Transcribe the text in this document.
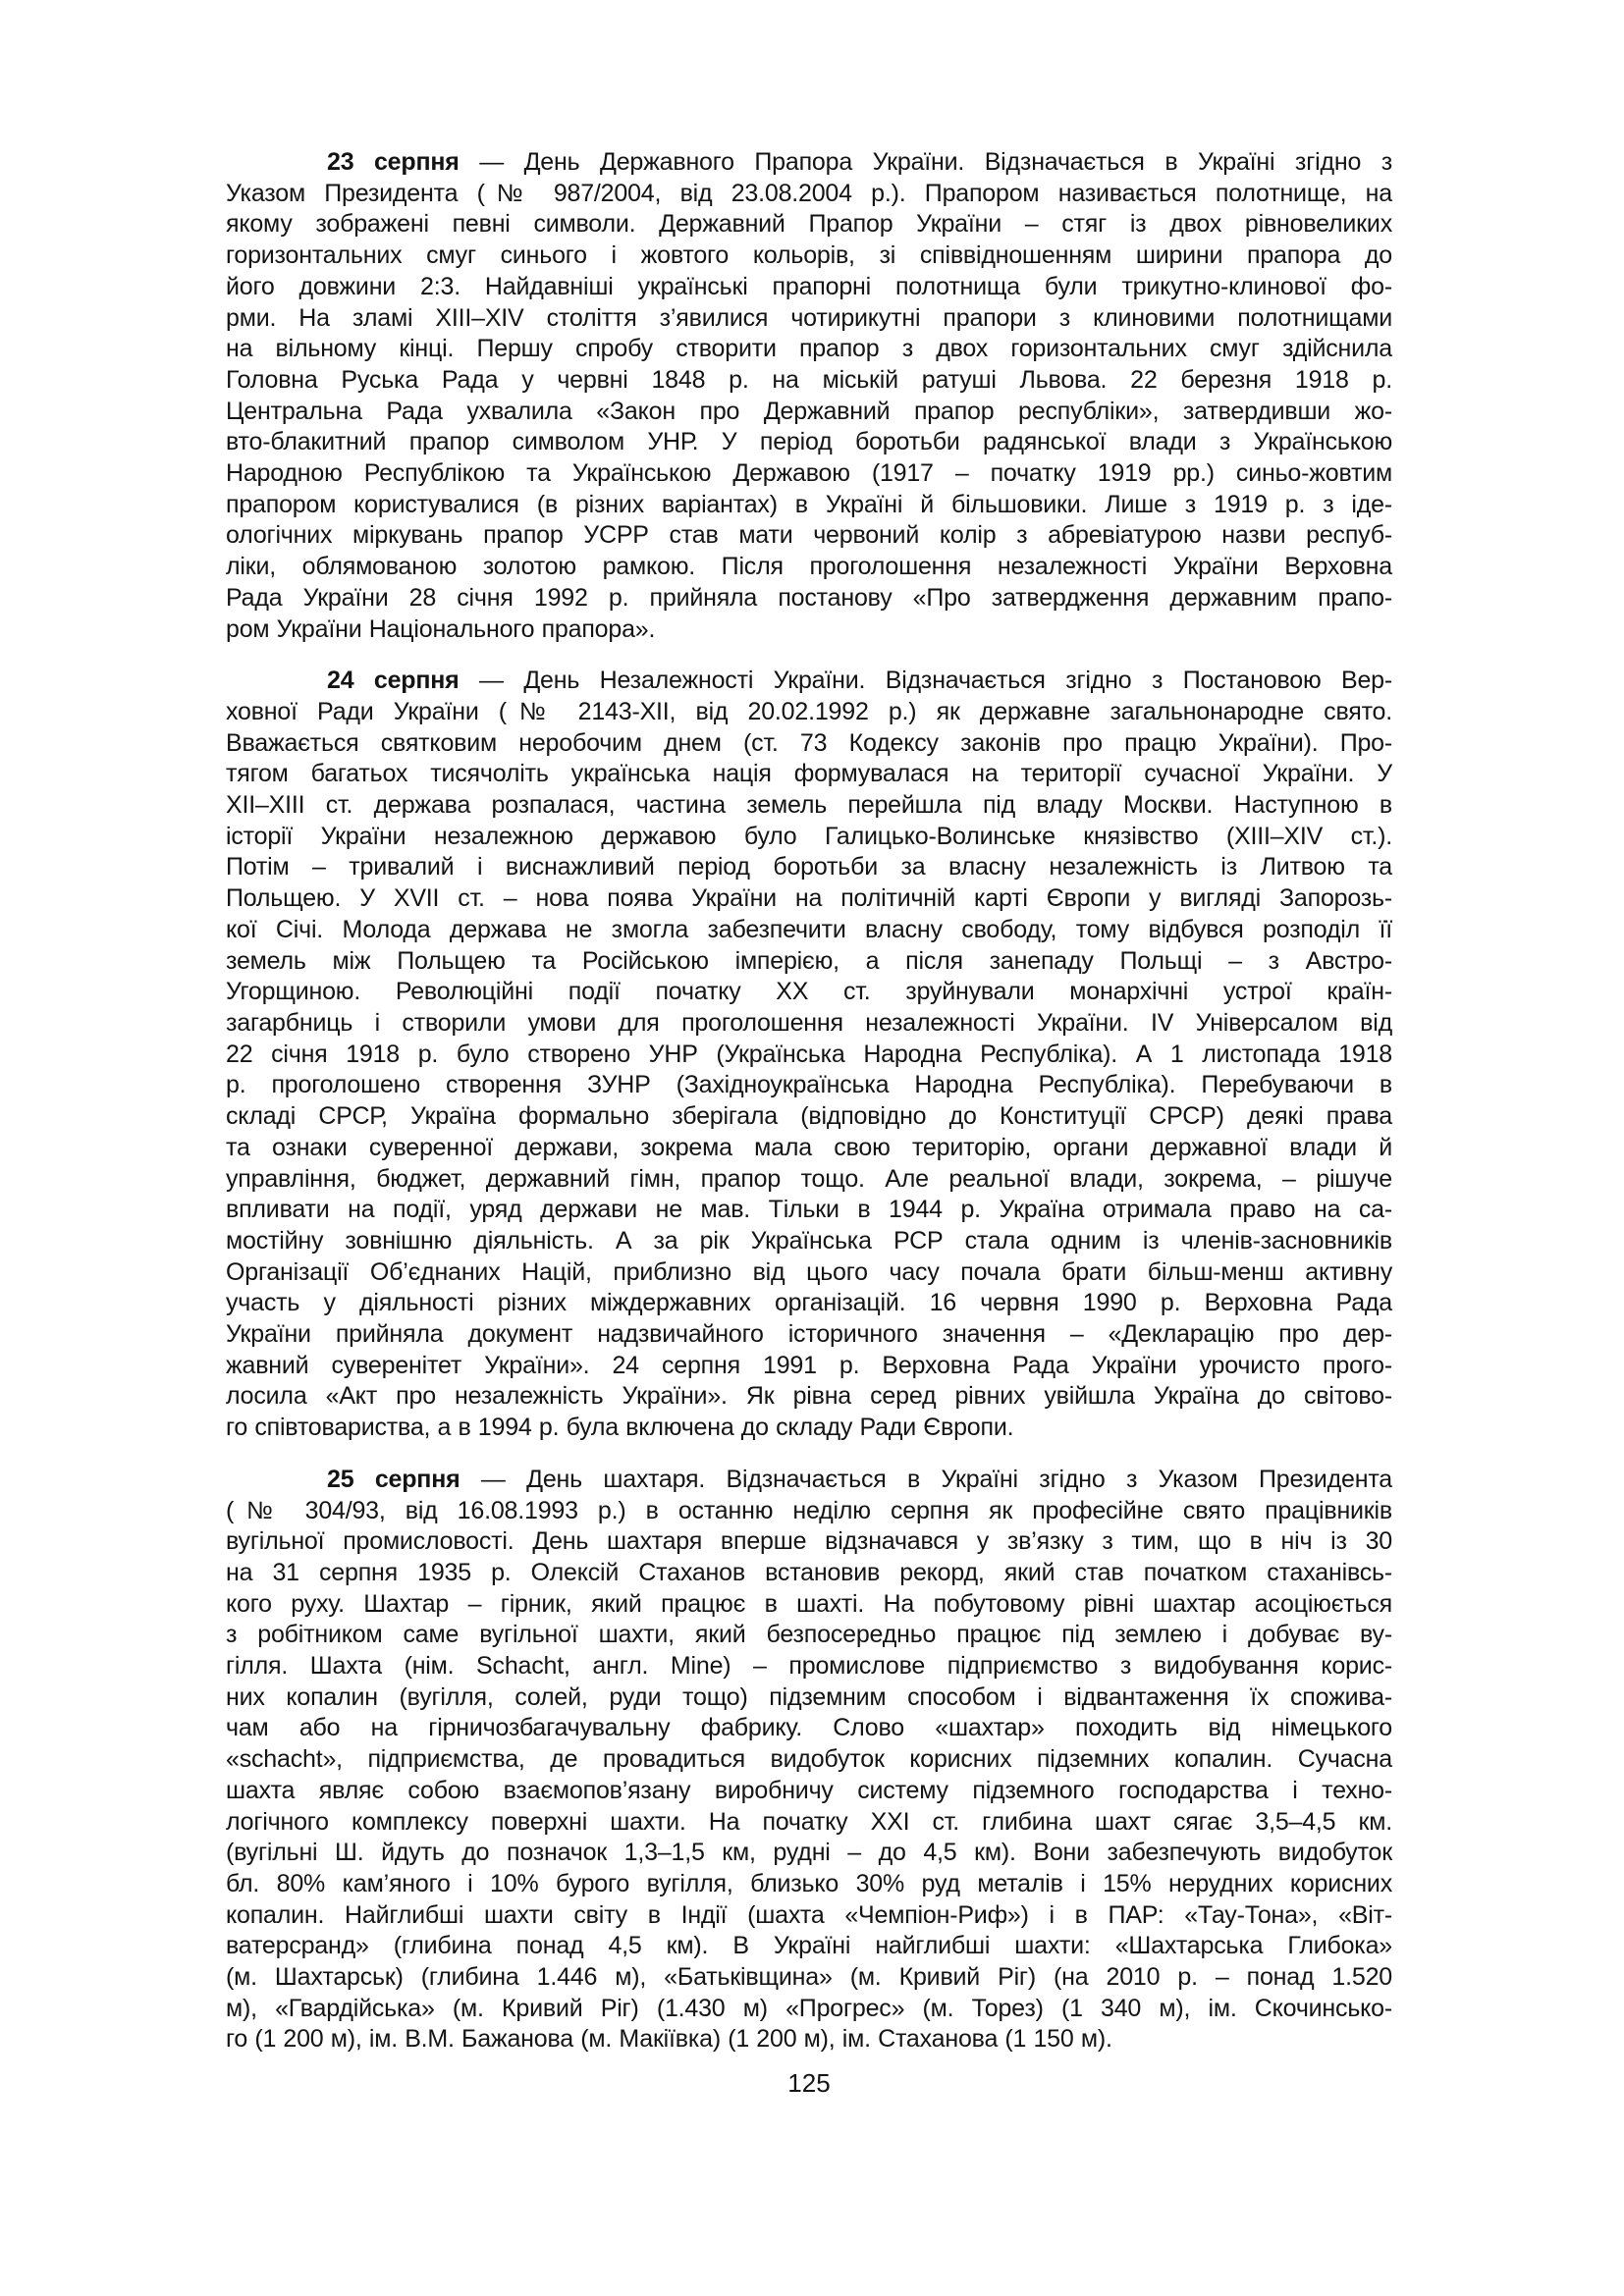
23 серпня — День Державного Прапора України. Відзначається в Україні згідно з
Указом Президента (№ 987/2004, від 23.08.2004 р.). Прапором називається полотнище, на
якому зображені певні символи. Державний Прапор України – стяг із двох рівновеликих
горизонтальних смуг синього і жовтого кольорів, зі співвідношенням ширини прапора до
його довжини 2:3. Найдавніші українські прапорні полотнища були трикутно-клинової фо-
рми. На зламі XIII–XIV століття з’явилися чотирикутні прапори з клиновими полотнищами
на вільному кінці. Першу спробу створити прапор з двох горизонтальних смуг здійснила
Головна Руська Рада у червні 1848 р. на міській ратуші Львова. 22 березня 1918 р.
Центральна Рада ухвалила «Закон про Державний прапор республіки», затвердивши жо-
вто-блакитний прапор символом УНР. У період боротьби радянської влади з Українською
Народною Республікою та Українською Державою (1917 – початку 1919 рр.) синьо-жовтим
прапором користувалися (в різних варіантах) в Україні й більшовики. Лише з 1919 р. з іде-
ологічних міркувань прапор УСРР став мати червоний колір з абревіатурою назви респуб-
ліки, облямованою золотою рамкою. Після проголошення незалежності України Верховна
Рада України 28 січня 1992 р. прийняла постанову «Про затвердження державним прапо-
ром України Національного прапора».
24 серпня — День Незалежності України. Відзначається згідно з Постановою Вер-
ховної Ради України (№ 2143-XII, від 20.02.1992 р.) як державне загальнонародне свято.
Вважається святковим неробочим днем (ст. 73 Кодексу законів про працю України). Про-
тягом багатьох тисячоліть українська нація формувалася на території сучасної України. У
XII–XIII ст. держава розпалася, частина земель перейшла під владу Москви. Наступною в
історії України незалежною державою було Галицько-Волинське князівство (XIII–XIV ст.).
Потім – тривалий і виснажливий період боротьби за власну незалежність із Литвою та
Польщею. У XVII ст. – нова поява України на політичній карті Європи у вигляді Запорозь-
кої Січі. Молода держава не змогла забезпечити власну свободу, тому відбувся розподіл її
земель між Польщею та Російською імперією, а після занепаду Польщі – з Австро-
Угорщиною. Революційні події початку XX ст. зруйнували монархічні устрої країн-
загарбниць і створили умови для проголошення незалежності України. IV Універсалом від
22 січня 1918 р. було створено УНР (Українська Народна Республіка). А 1 листопада 1918
р. проголошено створення ЗУНР (Західноукраїнська Народна Республіка). Перебуваючи в
складі СРСР, Україна формально зберігала (відповідно до Конституції СРСР) деякі права
та ознаки суверенної держави, зокрема мала свою територію, органи державної влади й
управління, бюджет, державний гімн, прапор тощо. Але реальної влади, зокрема, – рішуче
впливати на події, уряд держави не мав. Тільки в 1944 р. Україна отримала право на са-
мостійну зовнішню діяльність. А за рік Українська РСР стала одним із членів-засновників
Організації Об’єднаних Націй, приблизно від цього часу почала брати більш-менш активну
участь у діяльності різних міждержавних організацій. 16 червня 1990 р. Верховна Рада
України прийняла документ надзвичайного історичного значення – «Декларацію про дер-
жавний суверенітет України». 24 серпня 1991 р. Верховна Рада України урочисто прого-
лосила «Акт про незалежність України». Як рівна серед рівних увійшла Україна до світово-
го співтовариства, а в 1994 р. була включена до складу Ради Європи.
25 серпня — День шахтаря. Відзначається в Україні згідно з Указом Президента
(№ 304/93, від 16.08.1993 р.) в останню неділю серпня як професійне свято працівників
вугільної промисловості. День шахтаря вперше відзначався у зв’язку з тим, що в ніч із 30
на 31 серпня 1935 р. Олексій Стаханов встановив рекорд, який став початком стаханівсь-
кого руху. Шахтар – гірник, який працює в шахті. На побутовому рівні шахтар асоціюється
з робітником саме вугільної шахти, який безпосередньо працює під землею і добуває ву-
гілля. Шахта (нім. Schacht, англ. Mine) – промислове підприємство з видобування корис-
них копалин (вугілля, солей, руди тощо) підземним способом і відвантаження їх спожива-
чам або на гірничозбагачувальну фабрику. Слово «шахтар» походить від німецького
«schacht», підприємства, де провадиться видобуток корисних підземних копалин. Сучасна
шахта являє собою взаємопов’язану виробничу систему підземного господарства і техно-
логічного комплексу поверхні шахти. На початку XXI ст. глибина шахт сягає 3,5–4,5 км.
(вугільні Ш. йдуть до позначок 1,3–1,5 км, рудні – до 4,5 км). Вони забезпечують видобуток
бл. 80% кам’яного і 10% бурого вугілля, близько 30% руд металів і 15% нерудних корисних
копалин. Найглибші шахти світу в Індії (шахта «Чемпіон-Риф») і в ПАР: «Тау-Тона», «Віт-
ватерсранд» (глибина понад 4,5 км). В Україні найглибші шахти: «Шахтарська Глибока»
(м. Шахтарськ) (глибина 1.446 м), «Батьківщина» (м. Кривий Ріг) (на 2010 р. – понад 1.520
м), «Гвардійська» (м. Кривий Ріг) (1.430 м) «Прогрес» (м. Торез) (1 340 м), ім. Скочинсько-
го (1 200 м), ім. В.М. Бажанова (м. Макіївка) (1 200 м), ім. Стаханова (1 150 м).
125
